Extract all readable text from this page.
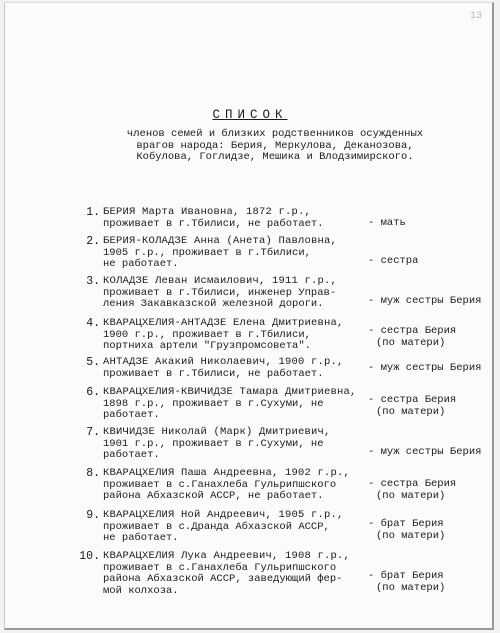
13
СПИСОК
членов семей и близких родственников осужденных
врагов народа: Берия, Меркулова, Деканозова,
Кобулова, Гоглидзе, Мешика и Влодзимирского.
1. БЕРИЯ Марта Ивановна, 1872 г.р.,
проживает в г.Тбилиси, не работает.	- мать
2. БЕРИЯ-КОЛАДЗЕ Анна (Анета) Павловна,
1905 г.р., проживает в г.Тбилиси,
не работает.	- сестра
3. КОЛАДЗЕ Леван Исмаилович, 1911 г.р.,
проживает в г.Тбилиси, инженер Управ-
ления Закавказской железной дороги.	- муж сестры Берия
4. КВАРАЦХЕЛИЯ-АНТАДЗЕ Елена Дмитриевна,
1900 г.р., проживает в г.Тбилиси,
портниха артели "Грузпромсовета".
- сестра Берия
(по матери)
5. АНТАДЗЕ Акакий Николаевич, 1900 г.р.,
проживает в г.Тбилиси, не работает.	- муж сестры Берия
6. КВАРАЦХЕЛИЯ-КВИЧИДЗЕ Тамара Дмитриевна,
1898 г.р., проживает в г.Сухуми, не
работает.
- сестра Берия
(по матери)
7. КВИЧИДЗЕ Николай (Марк) Дмитриевич,
1901 г.р., проживает в г.Сухуми, не
работает.	- муж сестры Берия
8. КВАРАЦХЕЛИЯ Паша Андреевна, 1902 г.р.,
проживает в с.Ганахлеба Гульрипшского
района Абхазской АССР, не работает.
- сестра Берия
(по матери)
9. КВАРАЦХЕЛИЯ Ной Андреевич, 1905 г.р.,
проживает в с.Дранда Абхазской АССР,
не работает.
- брат Берия
(по матери)
10. КВАРАЦХЕЛИЯ Лука Андреевич, 1908 г.р.,
проживает в с.Ганахлеба Гульрипшского
района Абхазской АССР, заведующий фер-
мой колхоза.
- брат Берия
(по матери)
